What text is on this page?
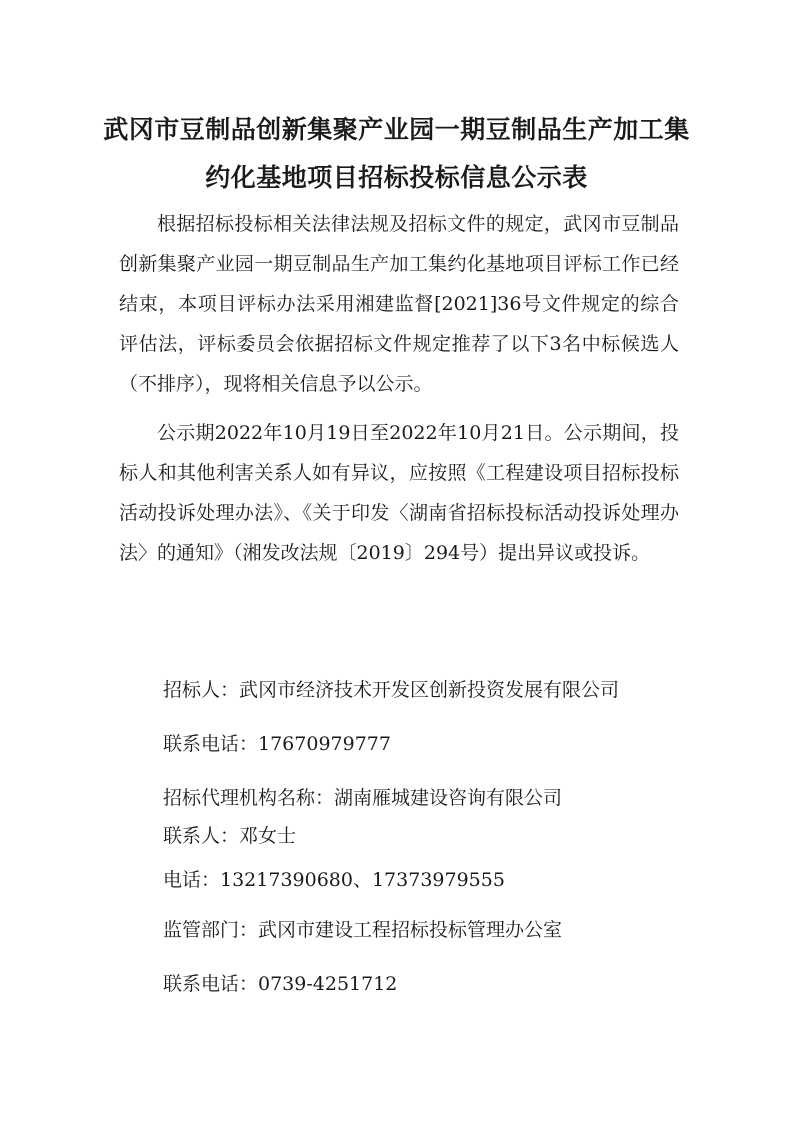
武冈市豆制品创新集聚产业园一期豆制品生产加工集
约化基地项目招标投标信息公示表

根据招标投标相关法律法规及招标文件的规定，武冈市豆制品创新集聚产业园一期豆制品生产加工集约化基地项目评标工作已经结束，本项目评标办法采用湘建监督[2021]36号文件规定的综合评估法，评标委员会依据招标文件规定推荐了以下3名中标候选人（不排序），现将相关信息予以公示。

公示期2022年10月19日至2022年10月21日。公示期间，投标人和其他利害关系人如有异议，应按照《工程建设项目招标投标活动投诉处理办法》、《关于印发〈湖南省招标投标活动投诉处理办法〉的通知》（湘发改法规〔2019〕294号）提出异议或投诉。

招标人：武冈市经济技术开发区创新投资发展有限公司

联系电话：17670979777

招标代理机构名称：湖南雁城建设咨询有限公司

联系人：邓女士

电话：13217390680、17373979555

监管部门：武冈市建设工程招标投标管理办公室

联系电话：0739-4251712
